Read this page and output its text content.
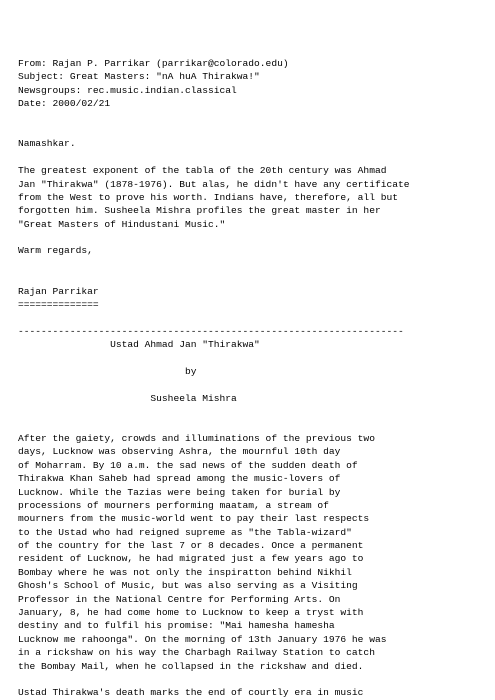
From: Rajan P. Parrikar (parrikar@colorado.edu)
Subject: Great Masters: "nA huA Thirakwa!"
Newsgroups: rec.music.indian.classical
Date: 2000/02/21
Namashkar.
The greatest exponent of the tabla of the 20th century was Ahmad
Jan "Thirakwa" (1878-1976). But alas, he didn't have any certificate
from the West to prove his worth. Indians have, therefore, all but
forgotten him. Susheela Mishra profiles the great master in her
"Great Masters of Hindustani Music."
Warm regards,
Rajan Parrikar
==============
-------------------------------------------------------------------
Ustad Ahmad Jan "Thirakwa"
by
Susheela Mishra
After the gaiety, crowds and illuminations of the previous two
days, Lucknow was observing Ashra, the mournful 10th day
of Moharram. By 10 a.m. the sad news of the sudden death of
Thirakwa Khan Saheb had spread among the music-lovers of
Lucknow. While the Tazias were being taken for burial by
processions of mourners performing maatam, a stream of
mourners from the music-world went to pay their last respects
to the Ustad who had reigned supreme as "the Tabla-wizard"
of the country for the last 7 or 8 decades. Once a permanent
resident of Lucknow, he had migrated just a few years ago to
Bombay where he was not only the inspiratton behind Nikhil
Ghosh's School of Music, but was also serving as a Visiting
Professor in the National Centre for Performing Arts. On
January, 8, he had come home to Lucknow to keep a tryst with
destiny and to fulfil his promise: "Mai hamesha hamesha
Lucknow me rahoonga". On the morning of 13th January 1976 he was
in a rickshaw on his way the Charbagh Railway Station to catch
the Bombay Mail, when he collapsed in the rickshaw and died.
Ustad Thirakwa's death marks the end of courtly era in music
